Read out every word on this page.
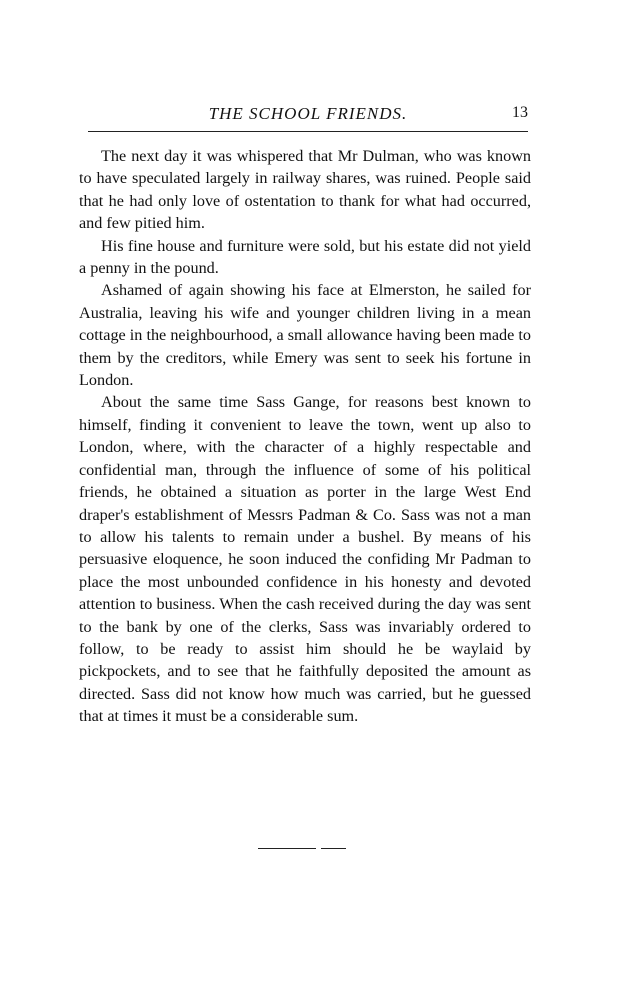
THE SCHOOL FRIENDS.	13

The next day it was whispered that Mr Dulman, who was known to have speculated largely in railway shares, was ruined. People said that he had only love of ostentation to thank for what had occurred, and few pitied him.

His fine house and furniture were sold, but his estate did not yield a penny in the pound.

Ashamed of again showing his face at Elmerston, he sailed for Australia, leaving his wife and younger children living in a mean cottage in the neighbourhood, a small allowance having been made to them by the creditors, while Emery was sent to seek his fortune in London.

About the same time Sass Gange, for reasons best known to himself, finding it convenient to leave the town, went up also to London, where, with the character of a highly respectable and confidential man, through the influence of some of his political friends, he obtained a situation as porter in the large West End draper's establishment of Messrs Padman & Co. Sass was not a man to allow his talents to remain under a bushel. By means of his persuasive eloquence, he soon induced the confiding Mr Padman to place the most unbounded confidence in his honesty and devoted attention to business. When the cash received during the day was sent to the bank by one of the clerks, Sass was invariably ordered to follow, to be ready to assist him should he be waylaid by pickpockets, and to see that he faithfully deposited the amount as directed. Sass did not know how much was carried, but he guessed that at times it must be a considerable sum.
